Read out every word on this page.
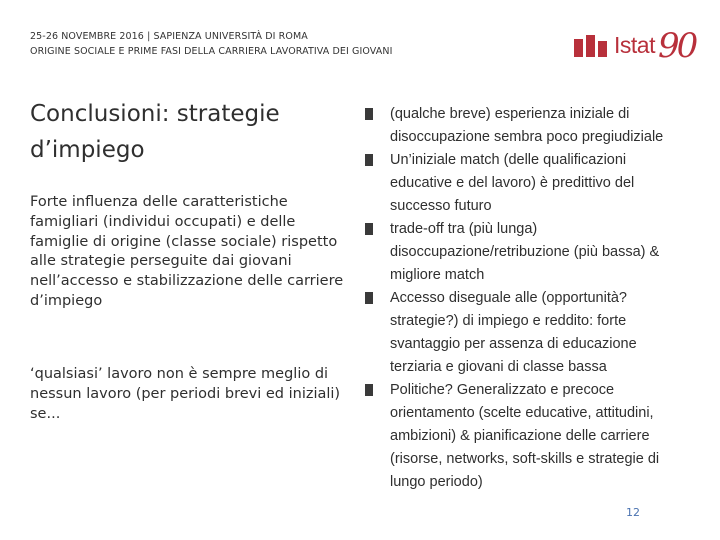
25-26 NOVEMBRE 2016 | SAPIENZA UNIVERSITÀ DI ROMA
ORIGINE SOCIALE E PRIME FASI DELLA CARRIERA LAVORATIVA DEI GIOVANI	Istat 90
Conclusioni: strategie d’impiego

Forte influenza delle caratteristiche famigliari (individui occupati) e delle famiglie di origine (classe sociale) rispetto alle strategie perseguite dai giovani nell’accesso e stabilizzazione delle carriere d’impiego

‘qualsiasi’ lavoro non è sempre meglio di nessun lavoro (per periodi brevi ed iniziali) se...

(qualche breve) esperienza iniziale di disoccupazione sembra poco pregiudiziale
Un’iniziale match (delle qualificazioni educative e del lavoro) è predittivo del successo futuro
trade-off tra (più lunga) disoccupazione/retribuzione (più bassa) & migliore match
Accesso diseguale alle (opportunità? strategie?) di impiego e reddito: forte svantaggio per assenza di educazione terziaria e giovani di classe bassa
Politiche? Generalizzato e precoce orientamento (scelte educative, attitudini, ambizioni) & pianificazione delle carriere (risorse, networks, soft-skills e strategie di lungo periodo)
12
